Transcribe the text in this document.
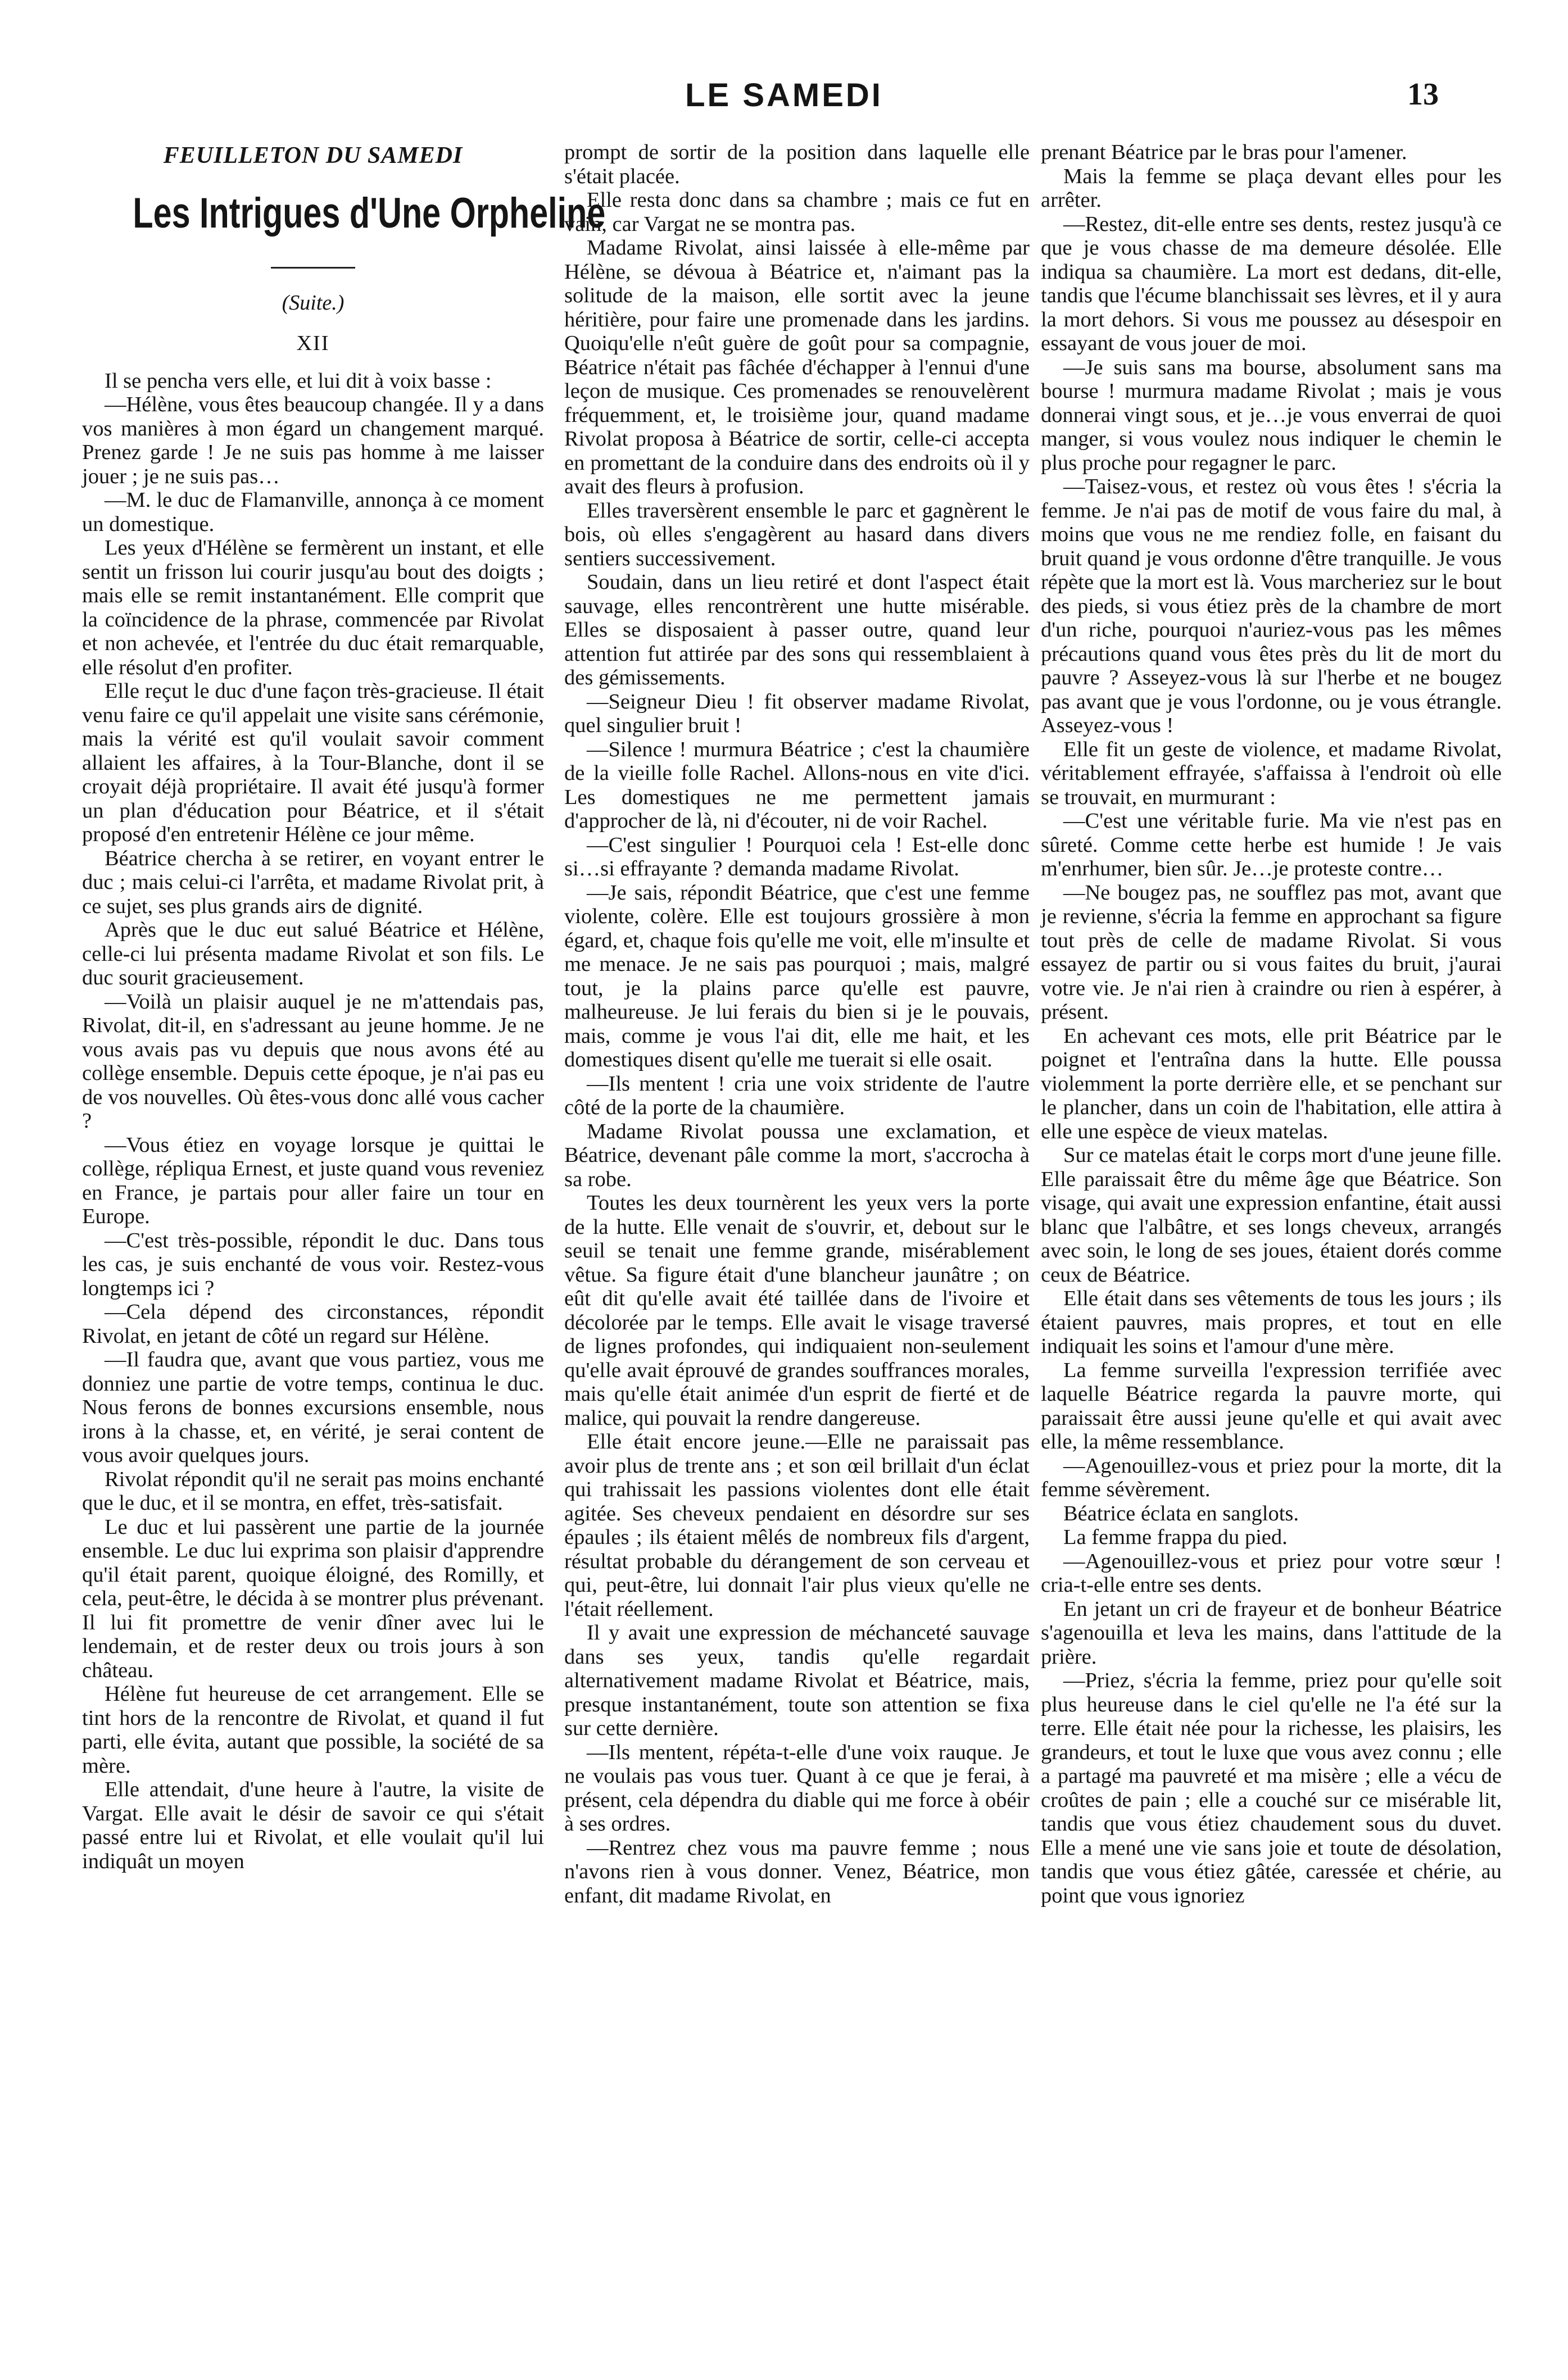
LE SAMEDI	13
FEUILLETON DU SAMEDI
Les Intrigues d'Une Orpheline
(Suite.)
XII

Il se pencha vers elle, et lui dit à voix basse :

—Hélène, vous êtes beaucoup changée. Il y a dans vos manières à mon égard un changement marqué. Prenez garde ! Je ne suis pas homme à me laisser jouer ; je ne suis pas…

—M. le duc de Flamanville, annonça à ce moment un domestique.

Les yeux d'Hélène se fermèrent un instant, et elle sentit un frisson lui courir jusqu'au bout des doigts ; mais elle se remit instantanément. Elle comprit que la coïncidence de la phrase, commencée par Rivolat et non achevée, et l'entrée du duc était remarquable, elle résolut d'en profiter.

Elle reçut le duc d'une façon très-gracieuse. Il était venu faire ce qu'il appelait une visite sans cérémonie, mais la vérité est qu'il voulait savoir comment allaient les affaires, à la Tour-Blanche, dont il se croyait déjà propriétaire. Il avait été jusqu'à former un plan d'éducation pour Béatrice, et il s'était proposé d'en entretenir Hélène ce jour même.

Béatrice chercha à se retirer, en voyant entrer le duc ; mais celui-ci l'arrêta, et madame Rivolat prit, à ce sujet, ses plus grands airs de dignité.

Après que le duc eut salué Béatrice et Hélène, celle-ci lui présenta madame Rivolat et son fils. Le duc sourit gracieusement.

—Voilà un plaisir auquel je ne m'attendais pas, Rivolat, dit-il, en s'adressant au jeune homme. Je ne vous avais pas vu depuis que nous avons été au collège ensemble. Depuis cette époque, je n'ai pas eu de vos nouvelles. Où êtes-vous donc allé vous cacher ?

—Vous étiez en voyage lorsque je quittai le collège, répliqua Ernest, et juste quand vous reveniez en France, je partais pour aller faire un tour en Europe.

—C'est très-possible, répondit le duc. Dans tous les cas, je suis enchanté de vous voir. Restez-vous longtemps ici ?

—Cela dépend des circonstances, répondit Rivolat, en jetant de côté un regard sur Hélène.

—Il faudra que, avant que vous partiez, vous me donniez une partie de votre temps, continua le duc. Nous ferons de bonnes excursions ensemble, nous irons à la chasse, et, en vérité, je serai content de vous avoir quelques jours.

Rivolat répondit qu'il ne serait pas moins enchanté que le duc, et il se montra, en effet, très-satisfait.

Le duc et lui passèrent une partie de la journée ensemble. Le duc lui exprima son plaisir d'apprendre qu'il était parent, quoique éloigné, des Romilly, et cela, peut-être, le décida à se montrer plus prévenant. Il lui fit promettre de venir dîner avec lui le lendemain, et de rester deux ou trois jours à son château.

Hélène fut heureuse de cet arrangement. Elle se tint hors de la rencontre de Rivolat, et quand il fut parti, elle évita, autant que possible, la société de sa mère.

Elle attendait, d'une heure à l'autre, la visite de Vargat. Elle avait le désir de savoir ce qui s'était passé entre lui et Rivolat, et elle voulait qu'il lui indiquât un moyen

prompt de sortir de la position dans laquelle elle s'était placée.

Elle resta donc dans sa chambre ; mais ce fut en vain, car Vargat ne se montra pas.

Madame Rivolat, ainsi laissée à elle-même par Hélène, se dévoua à Béatrice et, n'aimant pas la solitude de la maison, elle sortit avec la jeune héritière, pour faire une promenade dans les jardins. Quoiqu'elle n'eût guère de goût pour sa compagnie, Béatrice n'était pas fâchée d'échapper à l'ennui d'une leçon de musique. Ces promenades se renouvelèrent fréquemment, et, le troisième jour, quand madame Rivolat proposa à Béatrice de sortir, celle-ci accepta en promettant de la conduire dans des endroits où il y avait des fleurs à profusion.

Elles traversèrent ensemble le parc et gagnèrent le bois, où elles s'engagèrent au hasard dans divers sentiers successivement.

Soudain, dans un lieu retiré et dont l'aspect était sauvage, elles rencontrèrent une hutte misérable. Elles se disposaient à passer outre, quand leur attention fut attirée par des sons qui ressemblaient à des gémissements.

—Seigneur Dieu ! fit observer madame Rivolat, quel singulier bruit !

—Silence ! murmura Béatrice ; c'est la chaumière de la vieille folle Rachel. Allons-nous en vite d'ici. Les domestiques ne me permettent jamais d'approcher de là, ni d'écouter, ni de voir Rachel.

—C'est singulier ! Pourquoi cela ! Est-elle donc si…si effrayante ? demanda madame Rivolat.

—Je sais, répondit Béatrice, que c'est une femme violente, colère. Elle est toujours grossière à mon égard, et, chaque fois qu'elle me voit, elle m'insulte et me menace. Je ne sais pas pourquoi ; mais, malgré tout, je la plains parce qu'elle est pauvre, malheureuse. Je lui ferais du bien si je le pouvais, mais, comme je vous l'ai dit, elle me hait, et les domestiques disent qu'elle me tuerait si elle osait.

—Ils mentent ! cria une voix stridente de l'autre côté de la porte de la chaumière.

Madame Rivolat poussa une exclamation, et Béatrice, devenant pâle comme la mort, s'accrocha à sa robe.

Toutes les deux tournèrent les yeux vers la porte de la hutte. Elle venait de s'ouvrir, et, debout sur le seuil se tenait une femme grande, misérablement vêtue. Sa figure était d'une blancheur jaunâtre ; on eût dit qu'elle avait été taillée dans de l'ivoire et décolorée par le temps. Elle avait le visage traversé de lignes profondes, qui indiquaient non-seulement qu'elle avait éprouvé de grandes souffrances morales, mais qu'elle était animée d'un esprit de fierté et de malice, qui pouvait la rendre dangereuse.

Elle était encore jeune.—Elle ne paraissait pas avoir plus de trente ans ; et son œil brillait d'un éclat qui trahissait les passions violentes dont elle était agitée. Ses cheveux pendaient en désordre sur ses épaules ; ils étaient mêlés de nombreux fils d'argent, résultat probable du dérangement de son cerveau et qui, peut-être, lui donnait l'air plus vieux qu'elle ne l'était réellement.

Il y avait une expression de méchanceté sauvage dans ses yeux, tandis qu'elle regardait alternativement madame Rivolat et Béatrice, mais, presque instantanément, toute son attention se fixa sur cette dernière.

—Ils mentent, répéta-t-elle d'une voix rauque. Je ne voulais pas vous tuer. Quant à ce que je ferai, à présent, cela dépendra du diable qui me force à obéir à ses ordres.

—Rentrez chez vous ma pauvre femme ; nous n'avons rien à vous donner. Venez, Béatrice, mon enfant, dit madame Rivolat, en

prenant Béatrice par le bras pour l'amener.

Mais la femme se plaça devant elles pour les arrêter.

—Restez, dit-elle entre ses dents, restez jusqu'à ce que je vous chasse de ma demeure désolée. Elle indiqua sa chaumière. La mort est dedans, dit-elle, tandis que l'écume blanchissait ses lèvres, et il y aura la mort dehors. Si vous me poussez au désespoir en essayant de vous jouer de moi.

—Je suis sans ma bourse, absolument sans ma bourse ! murmura madame Rivolat ; mais je vous donnerai vingt sous, et je…je vous enverrai de quoi manger, si vous voulez nous indiquer le chemin le plus proche pour regagner le parc.

—Taisez-vous, et restez où vous êtes ! s'écria la femme. Je n'ai pas de motif de vous faire du mal, à moins que vous ne me rendiez folle, en faisant du bruit quand je vous ordonne d'être tranquille. Je vous répète que la mort est là. Vous marcheriez sur le bout des pieds, si vous étiez près de la chambre de mort d'un riche, pourquoi n'auriez-vous pas les mêmes précautions quand vous êtes près du lit de mort du pauvre ? Asseyez-vous là sur l'herbe et ne bougez pas avant que je vous l'ordonne, ou je vous étrangle. Asseyez-vous !

Elle fit un geste de violence, et madame Rivolat, véritablement effrayée, s'affaissa à l'endroit où elle se trouvait, en murmurant :

—C'est une véritable furie. Ma vie n'est pas en sûreté. Comme cette herbe est humide ! Je vais m'enrhumer, bien sûr. Je…je proteste contre…

—Ne bougez pas, ne soufflez pas mot, avant que je revienne, s'écria la femme en approchant sa figure tout près de celle de madame Rivolat. Si vous essayez de partir ou si vous faites du bruit, j'aurai votre vie. Je n'ai rien à craindre ou rien à espérer, à présent.

En achevant ces mots, elle prit Béatrice par le poignet et l'entraîna dans la hutte. Elle poussa violemment la porte derrière elle, et se penchant sur le plancher, dans un coin de l'habitation, elle attira à elle une espèce de vieux matelas.

Sur ce matelas était le corps mort d'une jeune fille. Elle paraissait être du même âge que Béatrice. Son visage, qui avait une expression enfantine, était aussi blanc que l'albâtre, et ses longs cheveux, arrangés avec soin, le long de ses joues, étaient dorés comme ceux de Béatrice.

Elle était dans ses vêtements de tous les jours ; ils étaient pauvres, mais propres, et tout en elle indiquait les soins et l'amour d'une mère.

La femme surveilla l'expression terrifiée avec laquelle Béatrice regarda la pauvre morte, qui paraissait être aussi jeune qu'elle et qui avait avec elle, la même ressemblance.

—Agenouillez-vous et priez pour la morte, dit la femme sévèrement.

Béatrice éclata en sanglots.

La femme frappa du pied.

—Agenouillez-vous et priez pour votre sœur ! cria-t-elle entre ses dents.

En jetant un cri de frayeur et de bonheur Béatrice s'agenouilla et leva les mains, dans l'attitude de la prière.

—Priez, s'écria la femme, priez pour qu'elle soit plus heureuse dans le ciel qu'elle ne l'a été sur la terre. Elle était née pour la richesse, les plaisirs, les grandeurs, et tout le luxe que vous avez connu ; elle a partagé ma pauvreté et ma misère ; elle a vécu de croûtes de pain ; elle a couché sur ce misérable lit, tandis que vous étiez chaudement sous du duvet. Elle a mené une vie sans joie et toute de désolation, tandis que vous étiez gâtée, caressée et chérie, au point que vous ignoriez
